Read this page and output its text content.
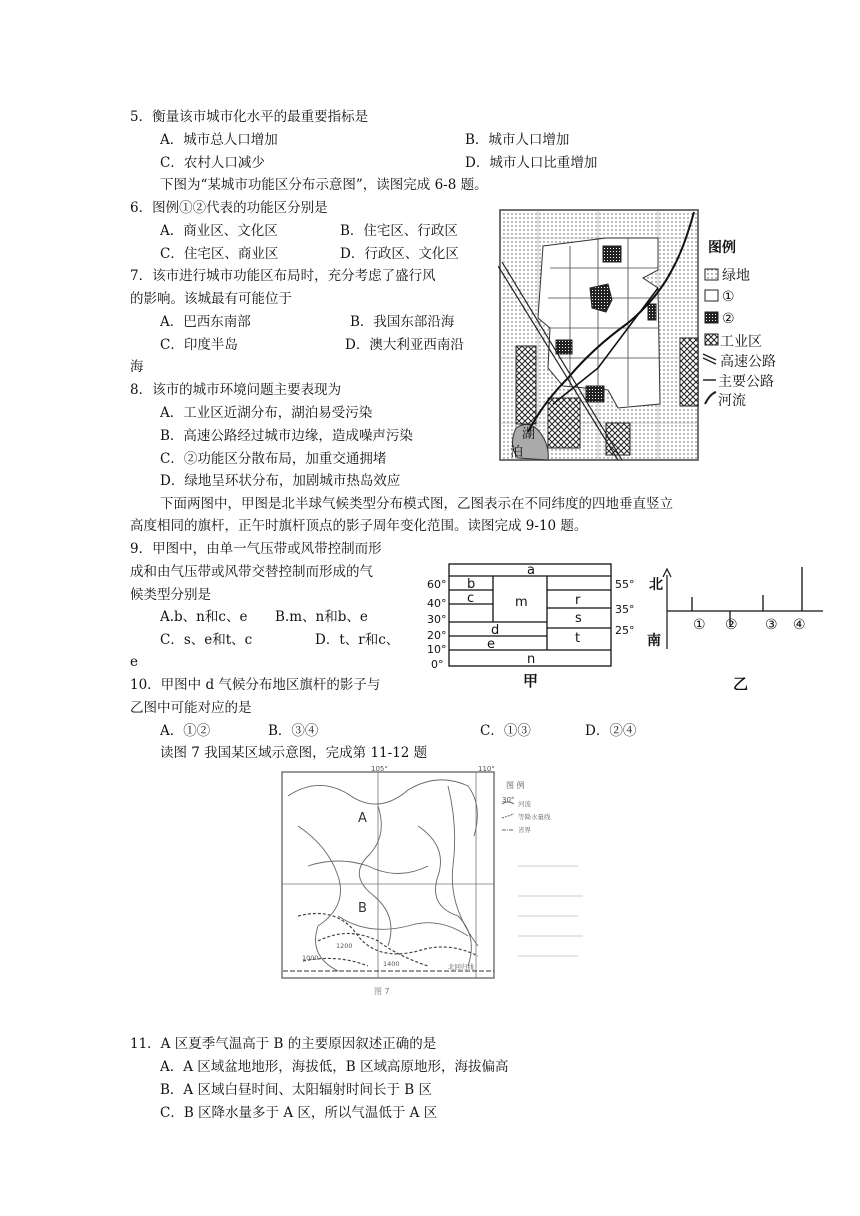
5．衡量该市城市化水平的最重要指标是
A．城市总人口增加	B．城市人口增加
C．农村人口减少	D．城市人口比重增加
下图为“某城市功能区分布示意图”，读图完成 6-8 题。
6．图例①②代表的功能区分别是
A．商业区、文化区	B．住宅区、行政区
C．住宅区、商业区	D．行政区、文化区
7．该市进行城市功能区布局时，充分考虑了盛行风
的影响。该城最有可能位于
A．巴西东南部	B．我国东部沿海
C．印度半岛	D．澳大利亚西南沿
海
8．该市的城市环境问题主要表现为
A．工业区近湖分布，湖泊易受污染
B．高速公路经过城市边缘，造成噪声污染
C．②功能区分散布局，加重交通拥堵
D．绿地呈环状分布，加剧城市热岛效应
湖
泊
图例
绿地
①
②
工业区
高速公路
主要公路
河流
下面两图中，甲图是北半球气候类型分布模式图，乙图表示在不同纬度的四地垂直竖立
高度相同的旗杆，正午时旗杆顶点的影子周年变化范围。读图完成 9-10 题。
9．甲图中，由单一气压带或风带控制而形
成和由气压带或风带交替控制而形成的气
候类型分别是
A.b、n和c、e B.m、n和b、e
C．s、e和t、c	D．t、r和c、
e
60°
40°
30°
20°
10°
0°
55°
35°
25°
a
b
c	m	r
s
t
d
e
n
甲
北
南
① ② ③ ④
乙
10．甲图中 d 气候分布地区旗杆的影子与
乙图中可能对应的是
A．①②	B．③④	C．①③	D．②④
读图 7 我国某区域示意图，完成第 11-12 题
105°	110°
30°
A
B
1000
1200
1400	北回归线
图 例
河流
等降水量线
省界
图 7
11．A 区夏季气温高于 B 的主要原因叙述正确的是
A．A 区域盆地地形，海拔低，B 区域高原地形，海拔偏高
B．A 区域白昼时间、太阳辐射时间长于 B 区
C．B 区降水量多于 A 区，所以气温低于 A 区
